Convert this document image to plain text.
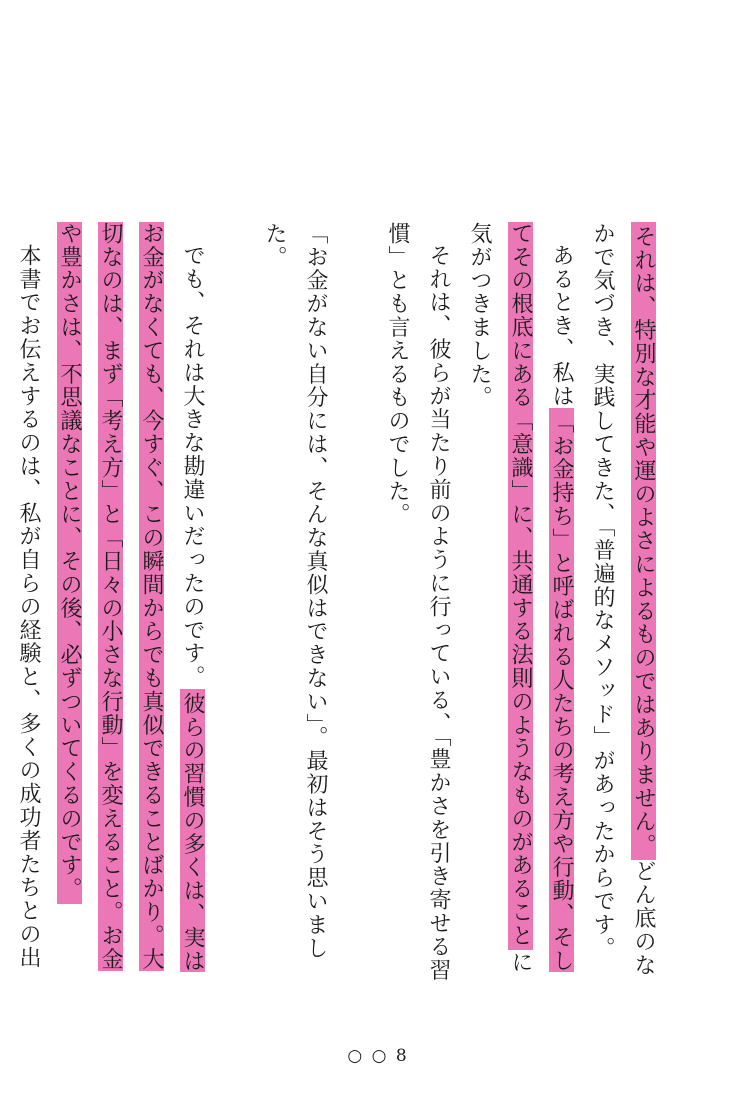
それは、特別な才能や運のよさによるものではありません。どん底のなかで気づき、実践してきた、「普遍的なメソッド」があったからです。

あるとき、私は「お金持ち」と呼ばれる人たちの考え方や行動、そしてその根底にある「意識」に、共通する法則のようなものがあることに気がつきました。

それは、彼らが当たり前のように行っている、「豊かさを引き寄せる習慣」とも言えるものでした。

「お金がない自分には、そんな真似はできない」。最初はそう思いました。

でも、それは大きな勘違いだったのです。彼らの習慣の多くは、実はお金がなくても、今すぐ、この瞬間からでも真似できることばかり。大切なのは、まず「考え方」と「日々の小さな行動」を変えること。お金や豊かさは、不思議なことに、その後、必ずついてくるのです。

本書でお伝えするのは、私が自らの経験と、多くの成功者たちとの出

○ ○ 8
